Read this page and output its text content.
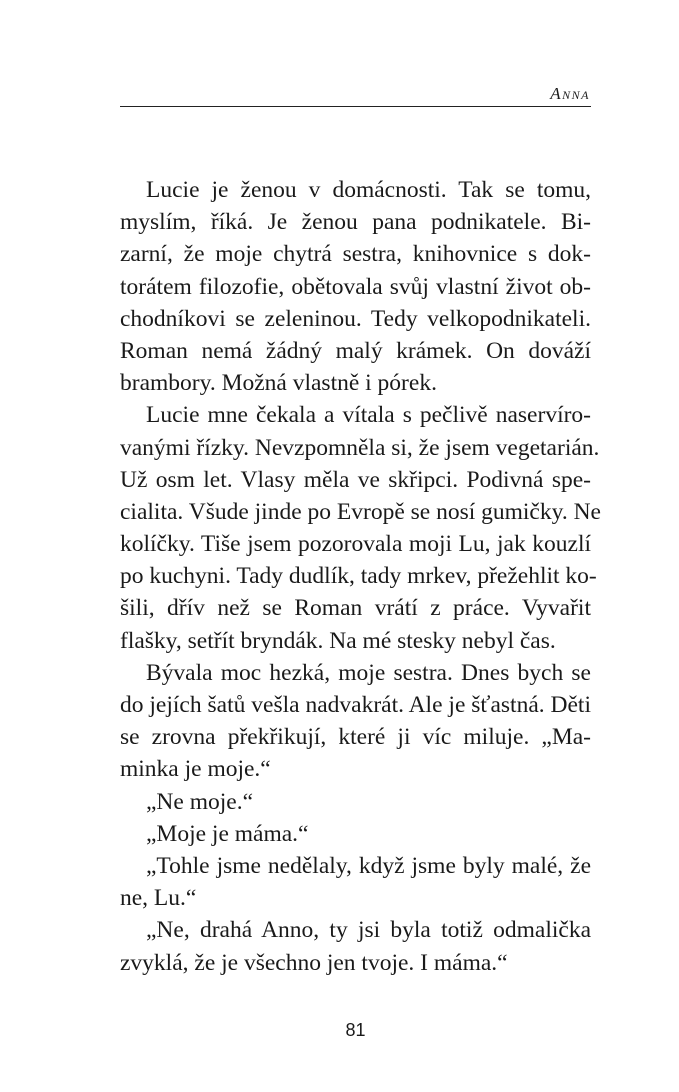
ANNA
Lucie je ženou v domácnosti. Tak se tomu,
myslím, říká. Je ženou pana podnikatele. Bi-
zarní, že moje chytrá sestra, knihovnice s dok-
torátem filozofie, obětovala svůj vlastní život ob-
chodníkovi se zeleninou. Tedy velkopodnikateli.
Roman nemá žádný malý krámek. On dováží
brambory. Možná vlastně i pórek.
Lucie mne čekala a vítala s pečlivě naservíro-
vanými řízky. Nevzpomněla si, že jsem vegetarián.
Už osm let. Vlasy měla ve skřipci. Podivná spe-
cialita. Všude jinde po Evropě se nosí gumičky. Ne
kolíčky. Tiše jsem pozorovala moji Lu, jak kouzlí
po kuchyni. Tady dudlík, tady mrkev, přežehlit ko-
šili, dřív než se Roman vrátí z práce. Vyvařit
flašky, setřít bryndák. Na mé stesky nebyl čas.
Bývala moc hezká, moje sestra. Dnes bych se
do jejích šatů vešla nadvakrát. Ale je šťastná. Děti
se zrovna překřikují, které ji víc miluje. „Ma-
minka je moje.“
„Ne moje.“
„Moje je máma.“
„Tohle jsme nedělaly, když jsme byly malé, že
ne, Lu.“
„Ne, drahá Anno, ty jsi byla totiž odmalička
zvyklá, že je všechno jen tvoje. I máma.“
81
